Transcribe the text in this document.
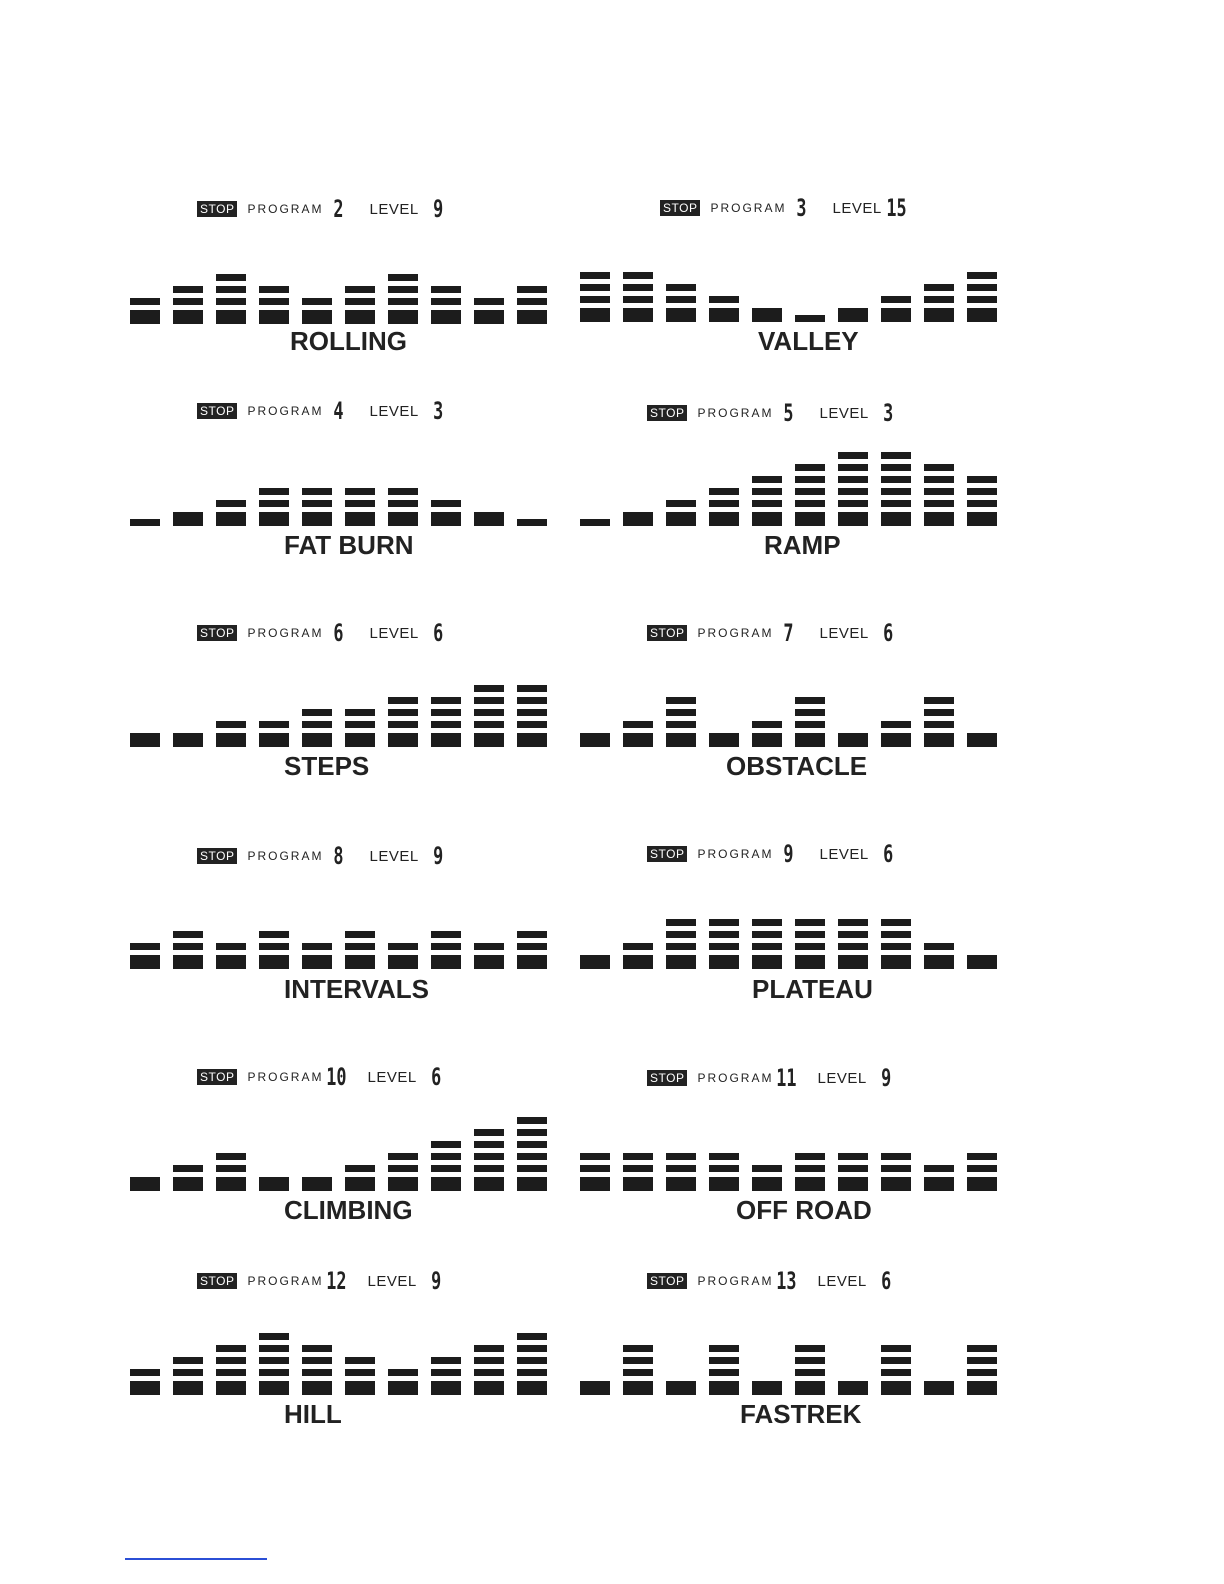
STOP PROGRAM 2 LEVEL 9
ROLLING
STOP PROGRAM 3 LEVEL 15
VALLEY
STOP PROGRAM 4 LEVEL 3
FAT BURN
STOP PROGRAM 5 LEVEL 3
RAMP
STOP PROGRAM 6 LEVEL 6
STEPS
STOP PROGRAM 7 LEVEL 6
OBSTACLE
STOP PROGRAM 8 LEVEL 9
INTERVALS
STOP PROGRAM 9 LEVEL 6
PLATEAU
STOP PROGRAM 10 LEVEL 6
CLIMBING
STOP PROGRAM 11 LEVEL 9
OFF ROAD
STOP PROGRAM 12 LEVEL 9
HILL
STOP PROGRAM 13 LEVEL 6
FASTREK
